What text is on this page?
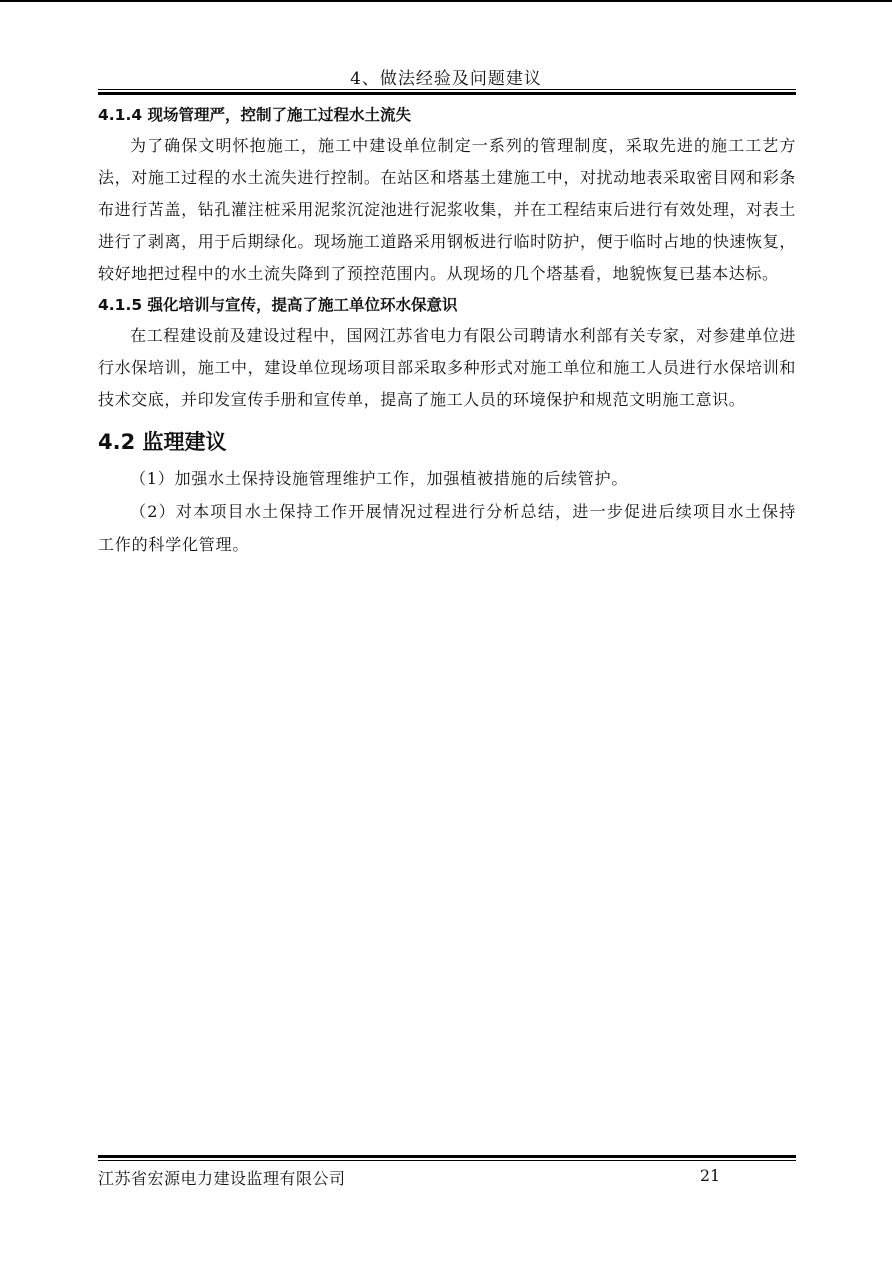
4、做法经验及问题建议

4.1.4 现场管理严，控制了施工过程水土流失

为了确保文明怀抱施工，施工中建设单位制定一系列的管理制度，采取先进的施工工艺方法，对施工过程的水土流失进行控制。在站区和塔基土建施工中，对扰动地表采取密目网和彩条布进行苫盖，钻孔灌注桩采用泥浆沉淀池进行泥浆收集，并在工程结束后进行有效处理，对表土进行了剥离，用于后期绿化。现场施工道路采用钢板进行临时防护，便于临时占地的快速恢复，较好地把过程中的水土流失降到了预控范围内。从现场的几个塔基看，地貌恢复已基本达标。

4.1.5 强化培训与宣传，提高了施工单位环水保意识

在工程建设前及建设过程中，国网江苏省电力有限公司聘请水利部有关专家，对参建单位进行水保培训，施工中，建设单位现场项目部采取多种形式对施工单位和施工人员进行水保培训和技术交底，并印发宣传手册和宣传单，提高了施工人员的环境保护和规范文明施工意识。

4.2 监理建议

（1）加强水土保持设施管理维护工作，加强植被措施的后续管护。

（2）对本项目水土保持工作开展情况过程进行分析总结，进一步促进后续项目水土保持工作的科学化管理。

江苏省宏源电力建设监理有限公司	21
